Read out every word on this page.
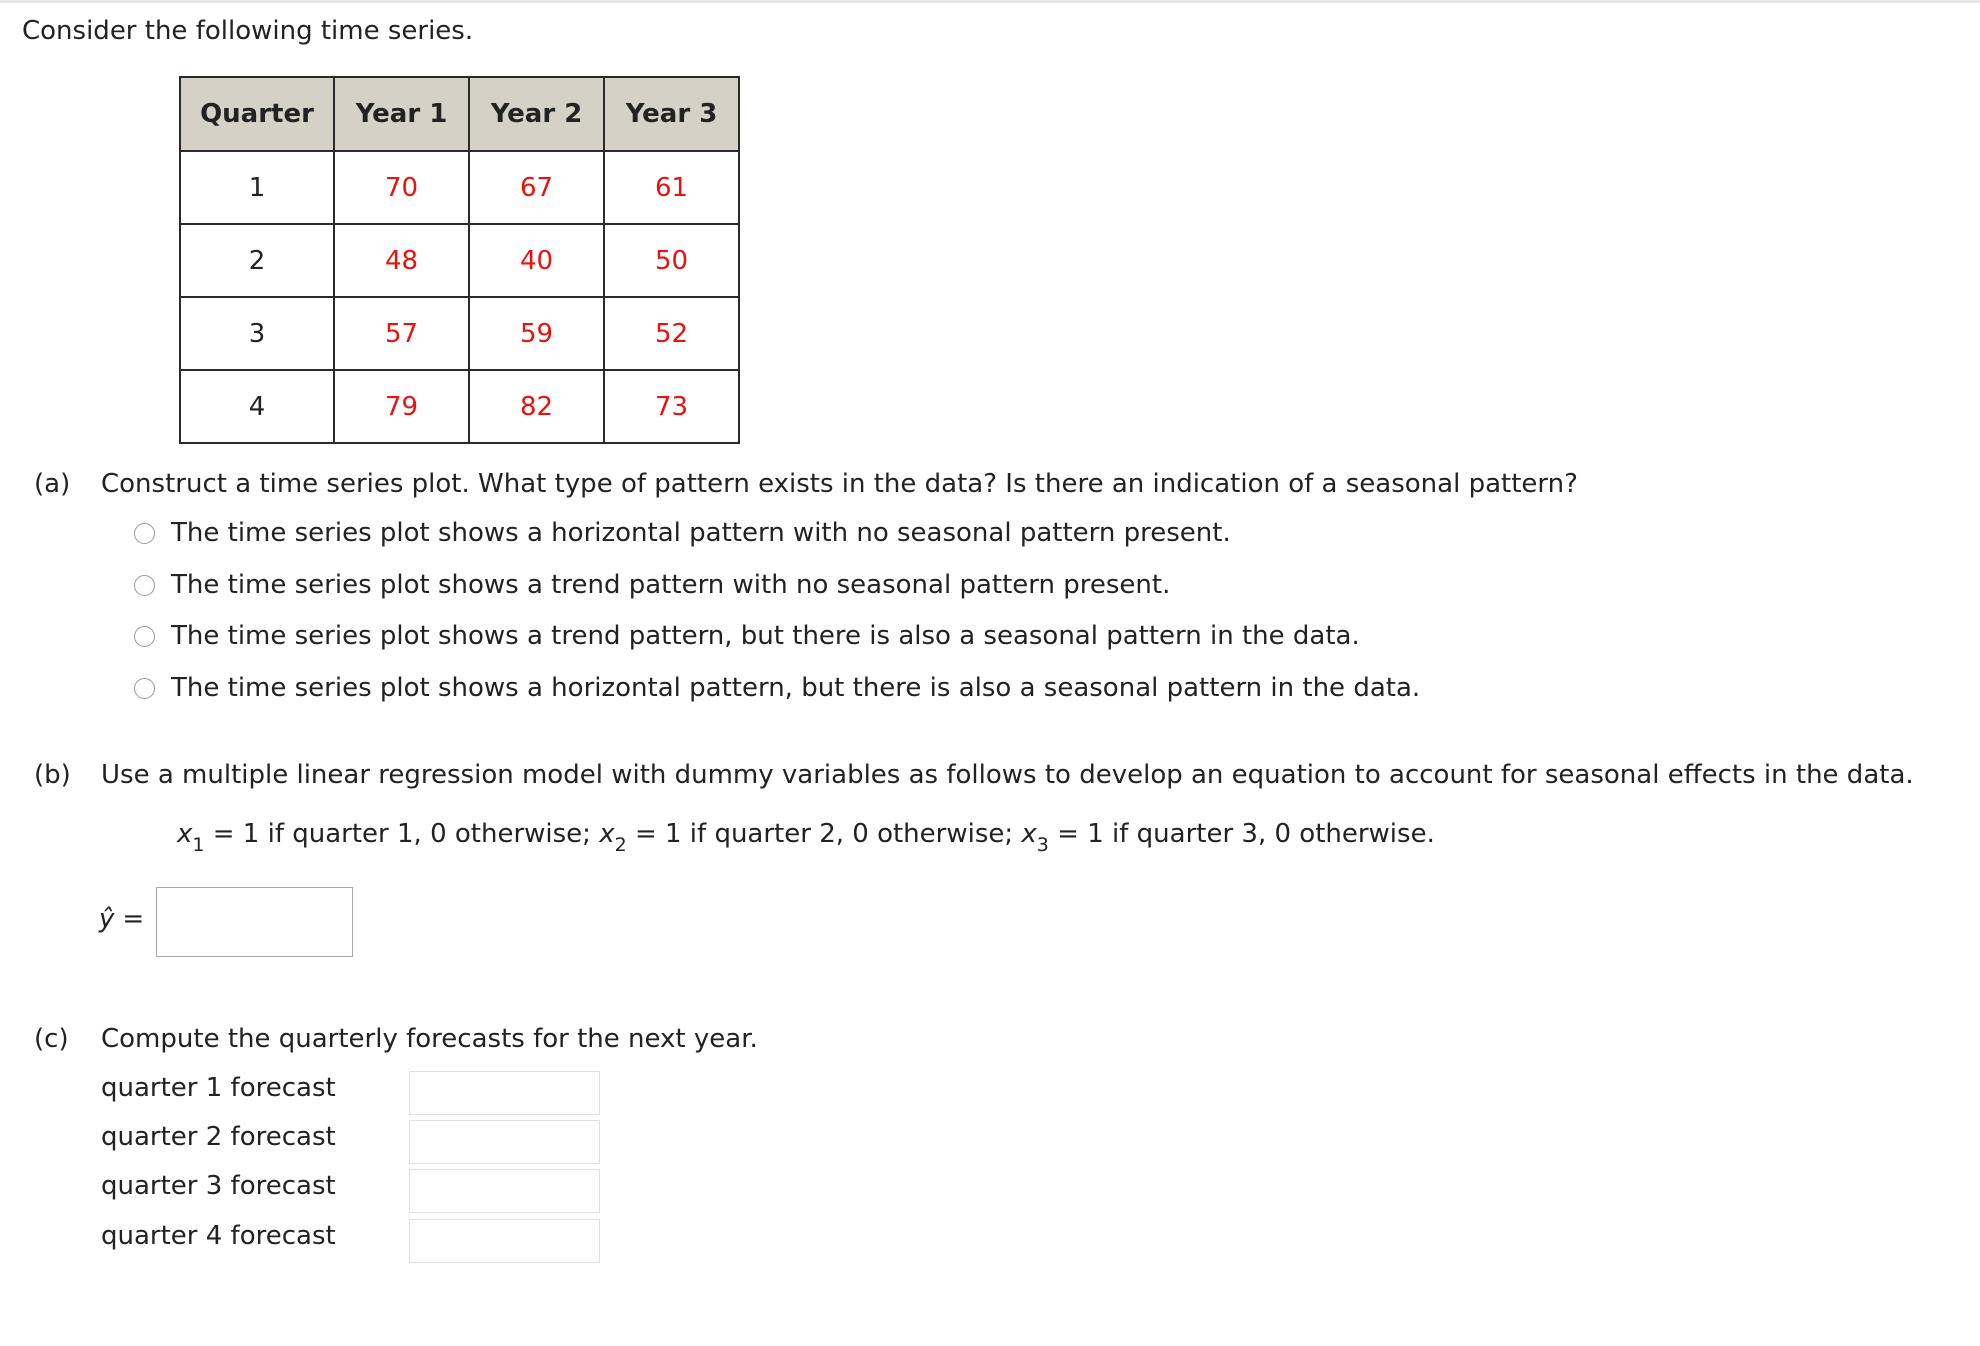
Consider the following time series.
Quarter	Year 1	Year 2	Year 3
1	70	67	61
2	48	40	50
3	57	59	52
4	79	82	73
(a) Construct a time series plot. What type of pattern exists in the data? Is there an indication of a seasonal pattern?
The time series plot shows a horizontal pattern with no seasonal pattern present.
The time series plot shows a trend pattern with no seasonal pattern present.
The time series plot shows a trend pattern, but there is also a seasonal pattern in the data.
The time series plot shows a horizontal pattern, but there is also a seasonal pattern in the data.
(b) Use a multiple linear regression model with dummy variables as follows to develop an equation to account for seasonal effects in the data.
$x_1 = 1$ if quarter 1, 0 otherwise; $x_2 = 1$ if quarter 2, 0 otherwise; $x_3 = 1$ if quarter 3, 0 otherwise.
ŷ =
(c) Compute the quarterly forecasts for the next year.
quarter 1 forecast
quarter 2 forecast
quarter 3 forecast
quarter 4 forecast
